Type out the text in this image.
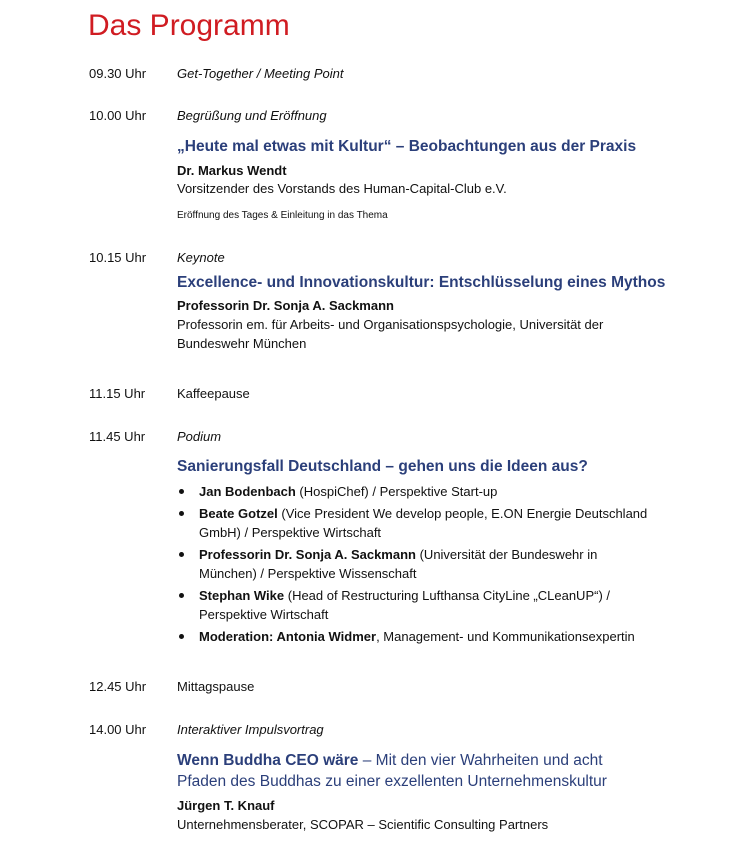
Das Programm
09.30 Uhr Get-Together / Meeting Point
10.00 Uhr Begrüßung und Eröffnung
„Heute mal etwas mit Kultur“ – Beobachtungen aus der Praxis
Dr. Markus Wendt
Vorsitzender des Vorstands des Human-Capital-Club e.V.
Eröffnung des Tages & Einleitung in das Thema
10.15 Uhr Keynote
Excellence- und Innovationskultur: Entschlüsselung eines Mythos
Professorin Dr. Sonja A. Sackmann
Professorin em. für Arbeits- und Organisationspsychologie, Universität der
Bundeswehr München
11.15 Uhr Kaffeepause
11.45 Uhr Podium
Sanierungsfall Deutschland – gehen uns die Ideen aus?
Jan Bodenbach (HospiChef) / Perspektive Start-up
Beate Gotzel (Vice President We develop people, E.ON Energie Deutschland
GmbH) / Perspektive Wirtschaft
Professorin Dr. Sonja A. Sackmann (Universität der Bundeswehr in
München) / Perspektive Wissenschaft
Stephan Wike (Head of Restructuring Lufthansa CityLine „CLeanUP“) /
Perspektive Wirtschaft
Moderation: Antonia Widmer, Management- und Kommunikationsexpertin
12.45 Uhr Mittagspause
14.00 Uhr Interaktiver Impulsvortrag
Wenn Buddha CEO wäre – Mit den vier Wahrheiten und acht
Pfaden des Buddhas zu einer exzellenten Unternehmenskultur
Jürgen T. Knauf
Unternehmensberater, SCOPAR – Scientific Consulting Partners
